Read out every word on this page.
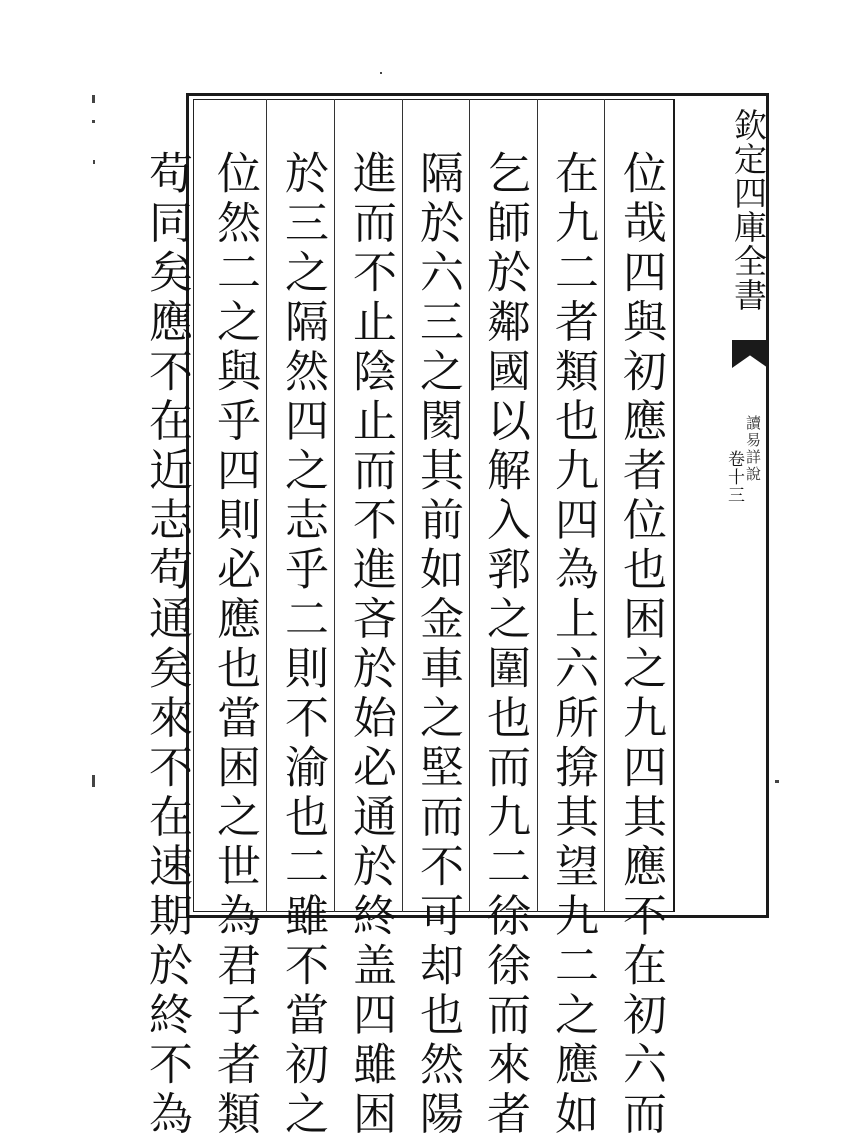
欽定四庫全書
讀易詳說
卷十三
位哉四與初應者位也困之九四其應不在初六而
在九二者類也九四為上六所揜其望九二之應如
乞師於鄰國以解入郛之圍也而九二徐徐而來者
隔於六三之閡其前如金車之堅而不可却也然陽
進而不止陰止而不進吝於始必通於終盖四雖困
於三之隔然四之志乎二則不渝也二雖不當初之
位然二之與乎四則必應也當困之世為君子者類
苟同矣應不在近志苟通矣來不在速期於終不為
